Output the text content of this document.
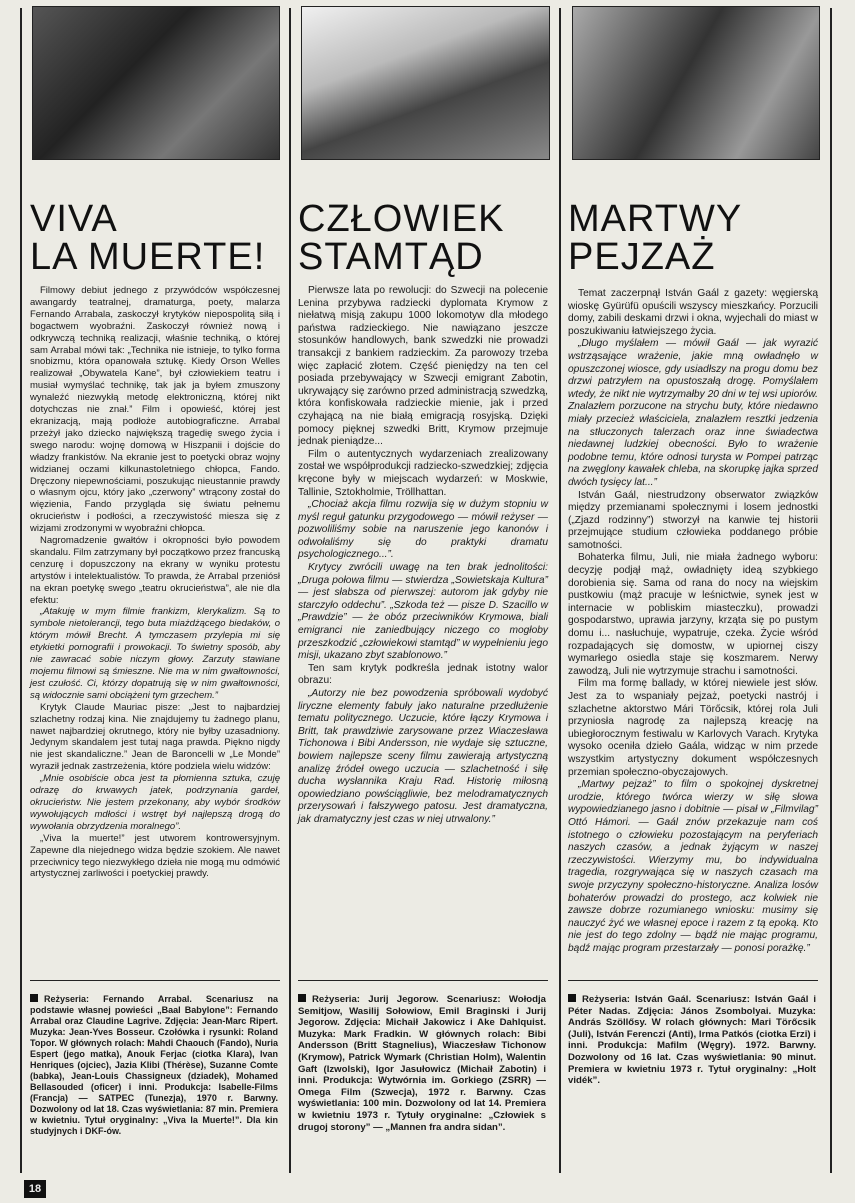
VIVA
LA MUERTE!

Filmowy debiut jednego z przywódców współczesnej awangardy teatralnej, dramaturga, poety, malarza Fernando Arrabala, zaskoczył krytyków niepospolitą siłą i bogactwem wyobraźni. Zaskoczył również nową i odkrywczą techniką realizacji, właśnie techniką, o której sam Arrabal mówi tak: „Technika nie istnieje, to tylko forma snobizmu, która opanowała sztukę. Kiedy Orson Welles realizował „Obywatela Kane”, był człowiekiem teatru i musiał wymyślać technikę, tak jak ja byłem zmuszony wynaleźć niezwykłą metodę elektroniczną, której nikt dotychczas nie znał.” Film i opowieść, której jest ekranizacją, mają podłoże autobiograficzne. Arrabal przeżył jako dziecko największą tragedię swego życia i swego narodu: wojnę domową w Hiszpanii i dojście do władzy frankistów. Na ekranie jest to poetycki obraz wojny widzianej oczami kilkunastoletniego chłopca, Fando. Dręczony niepewnościami, poszukując nieustannie prawdy o własnym ojcu, który jako „czerwony” wtrącony został do więzienia, Fando przygląda się światu pełnemu okrucieństw i podłości, a rzeczywistość miesza się z wizjami zrodzonymi w wyobraźni chłopca.

Nagromadzenie gwałtów i okropności było powodem skandalu. Film zatrzymany był początkowo przez francuską cenzurę i dopuszczony na ekrany w wyniku protestu artystów i intelektualistów. To prawda, że Arrabal przeniósł na ekran poetykę swego „teatru okrucieństwa”, ale nie dla efektu:

„Atakuję w mym filmie frankizm, klerykalizm. Są to symbole nietolerancji, tego buta miażdżącego biedaków, o którym mówił Brecht. A tymczasem przylepia mi się etykietki pornografii i prowokacji. To świetny sposób, aby nie zawracać sobie niczym głowy. Zarzuty stawiane mojemu filmowi są śmieszne. Nie ma w nim gwałtowności, jest czułość. Ci, którzy dopatrują się w nim gwałtowności, są widocznie sami obciążeni tym grzechem.”

Krytyk Claude Mauriac pisze: „Jest to najbardziej szlachetny rodzaj kina. Nie znajdujemy tu żadnego planu, nawet najbardziej okrutnego, który nie byłby uzasadniony. Jedynym skandalem jest tutaj naga prawda. Piękno nigdy nie jest skandaliczne.” Jean de Baroncelli w „Le Monde” wyraził jednak zastrzeżenia, które podziela wielu widzów:

„Mnie osobiście obca jest ta płomienna sztuka, czuję odrazę do krwawych jatek, podrzynania gardeł, okrucieństw. Nie jestem przekonany, aby wybór środków wywołujących mdłości i wstręt był najlepszą drogą do wywołania obrzydzenia moralnego”.

„Viva la muerte!” jest utworem kontrowersyjnym. Zapewne dla niejednego widza będzie szokiem. Ale nawet przeciwnicy tego niezwykłego dzieła nie mogą mu odmówić artystycznej zarliwości i poetyckiej prawdy.

Reżyseria: Fernando Arrabal. Scenariusz na podstawie własnej powieści „Baal Babylone”: Fernando Arrabal oraz Claudine Lagrive. Zdjęcia: Jean-Marc Ripert. Muzyka: Jean-Yves Bosseur. Czołówka i rysunki: Roland Topor. W głównych rolach: Mahdi Chaouch (Fando), Nuria Espert (jego matka), Anouk Ferjac (ciotka Klara), Ivan Henriques (ojciec), Jazia Klibi (Thérèse), Suzanne Comte (babka), Jean-Louis Chassigneux (dziadek), Mohamed Bellasouded (oficer) i inni. Produkcja: Isabelle-Films (Francja) — SATPEC (Tunezja), 1970 r. Barwny. Dozwolony od lat 18. Czas wyświetlania: 87 min. Premiera w kwietniu. Tytuł oryginalny: „Viva la Muerte!”. Dla kin studyjnych i DKF-ów.
CZŁOWIEK
STAMTĄD

Pierwsze lata po rewolucji: do Szwecji na polecenie Lenina przybywa radziecki dyplomata Krymow z niełatwą misją zakupu 1000 lokomotyw dla młodego państwa radzieckiego. Nie nawiązano jeszcze stosunków handlowych, bank szwedzki nie prowadzi transakcji z bankiem radzieckim. Za parowozy trzeba więc zapłacić złotem. Część pieniędzy na ten cel posiada przebywający w Szwecji emigrant Zabotin, ukrywający się zarówno przed administracją szwedzką, która konfiskowała radzieckie mienie, jak i przed czyhającą na nie białą emigracją rosyjską. Dzięki pomocy pięknej szwedki Britt, Krymow przejmuje jednak pieniądze...

Film o autentycznych wydarzeniach zrealizowany został we współprodukcji radziecko-szwedzkiej; zdjęcia kręcone były w miejscach wydarzeń: w Moskwie, Tallinie, Sztokholmie, Tröllhattan.

„Chociaż akcja filmu rozwija się w dużym stopniu w myśl reguł gatunku przygodowego — mówił reżyser — pozwoliliśmy sobie na naruszenie jego kanonów i odwołaliśmy się do praktyki dramatu psychologicznego...”.

Krytycy zwrócili uwagę na ten brak jednolitości: „Druga połowa filmu — stwierdza „Sowietskaja Kultura” — jest słabsza od pierwszej: autorom jak gdyby nie starczyło oddechu”. „Szkoda też — pisze D. Szacillo w „Prawdzie” — że obóz przeciwników Krymowa, biali emigranci nie zaniedbujący niczego co mogłoby przeszkodzić „człowiekowi stamtąd” w wypełnieniu jego misji, ukazano zbyt szablonowo.”

Ten sam krytyk podkreśla jednak istotny walor obrazu:

„Autorzy nie bez powodzenia spróbowali wydobyć liryczne elementy fabuły jako naturalne przedłużenie tematu politycznego. Uczucie, które łączy Krymowa i Britt, tak prawdziwie zarysowane przez Wiaczesława Tichonowa i Bibi Andersson, nie wydaje się sztuczne, bowiem najlepsze sceny filmu zawierają artystyczną analizę źródeł owego uczucia — szlachetność i siłę ducha wysłannika Kraju Rad. Historię miłosną opowiedziano powściągliwie, bez melodramatycznych przerysowań i fałszywego patosu. Jest dramatyczna, jak dramatyczny jest czas w niej utrwalony.”

Reżyseria: Jurij Jegorow. Scenariusz: Wołodja Semitjow, Wasilij Sołowiow, Emil Braginski i Jurij Jegorow. Zdjęcia: Michaił Jakowicz i Ake Dahlquist. Muzyka: Mark Fradkin. W głównych rolach: Bibi Andersson (Britt Stagnelius), Wiaczesław Tichonow (Krymow), Patrick Wymark (Christian Holm), Walentin Gaft (Izwolski), Igor Jasułowicz (Michaił Zabotin) i inni. Produkcja: Wytwórnia im. Gorkiego (ZSRR) — Omega Film (Szwecja), 1972 r. Barwny. Czas wyświetlania: 100 min. Dozwolony od lat 14. Premiera w kwietniu 1973 r. Tytuły oryginalne: „Człowiek s drugoj storony” — „Mannen fra andra sidan”.
MARTWY
PEJZAŻ

Temat zaczerpnął István Gaál z gazety: węgierską wioskę Gyürüfü opuścili wszyscy mieszkańcy. Porzucili domy, zabili deskami drzwi i okna, wyjechali do miast w poszukiwaniu łatwiejszego życia.

„Długo myślałem — mówił Gaál — jak wyrazić wstrząsające wrażenie, jakie mną owładnęło w opuszczonej wiosce, gdy usiadłszy na progu domu bez drzwi patrzyłem na opustoszałą drogę. Pomyślałem wtedy, że nikt nie wytrzymałby 20 dni w tej wsi upiorów. Znalazłem porzucone na strychu buty, które niedawno miały przecież właściciela, znalazłem resztki jedzenia na stłuczonych talerzach oraz inne świadectwa niedawnej ludzkiej obecności. Było to wrażenie podobne temu, które odnosi turysta w Pompei patrząc na zwęglony kawałek chleba, na skorupkę jajka sprzed dwóch tysięcy lat...”

István Gaál, niestrudzony obserwator związków między przemianami społecznymi i losem jednostki („Zjazd rodzinny”) stworzył na kanwie tej historii przejmujące studium człowieka poddanego próbie samotności.

Bohaterka filmu, Juli, nie miała żadnego wyboru: decyzję podjął mąż, owładnięty ideą szybkiego dorobienia się. Sama od rana do nocy na wiejskim pustkowiu (mąż pracuje w leśnictwie, synek jest w internacie w pobliskim miasteczku), prowadzi gospodarstwo, uprawia jarzyny, krząta się po pustym domu i... nasłuchuje, wypatruje, czeka. Życie wśród rozpadających się domostw, w upiornej ciszy wymarłego osiedla staje się koszmarem. Nerwy zawodzą, Juli nie wytrzymuje strachu i samotności.

Film ma formę ballady, w której niewiele jest słów. Jest za to wspaniały pejzaż, poetycki nastrój i szlachetne aktorstwo Mári Törőcsik, której rola Juli przyniosła nagrodę za najlepszą kreację na ubiegłorocznym festiwalu w Karlovych Varach. Krytyka wysoko oceniła dzieło Gaála, widząc w nim przede wszystkim artystyczny dokument współczesnych przemian społeczno-obyczajowych.

„Martwy pejzaż” to film o spokojnej dyskretnej urodzie, którego twórca wierzy w siłę słowa wypowiedzianego jasno i dobitnie — pisał w „Filmvilag” Ottó Hámori. — Gaál znów przekazuje nam coś istotnego o człowieku pozostającym na peryferiach naszych czasów, a jednak żyjącym w naszej rzeczywistości. Wierzymy mu, bo indywidualna tragedia, rozgrywająca się w naszych czasach ma swoje przyczyny społeczno-historyczne. Analiza losów bohaterów prowadzi do prostego, acz kolwiek nie zawsze dobrze rozumianego wniosku: musimy się nauczyć żyć we własnej epoce i razem z tą epoką. Kto nie jest do tego zdolny — bądź nie mając programu, bądź mając program przestarzały — ponosi porażkę.”

Reżyseria: István Gaál. Scenariusz: István Gaál i Péter Nadas. Zdjęcia: János Zsombolyai. Muzyka: András Szöllősy. W rolach głównych: Mari Törőcsik (Juli), István Ferenczi (Anti), Irma Patkós (ciotka Erzi) i inni. Produkcja: Mafilm (Węgry). 1972. Barwny. Dozwolony od 16 lat. Czas wyświetlania: 90 minut. Premiera w kwietniu 1973 r. Tytuł oryginalny: „Holt vidék”.
18
